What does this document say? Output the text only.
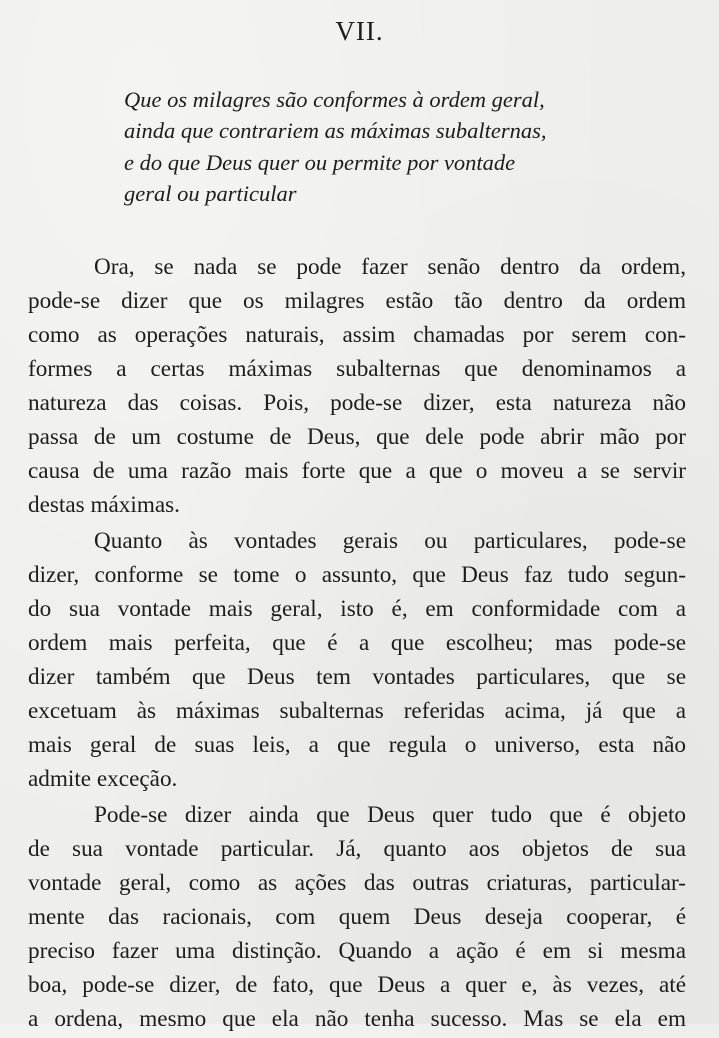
VII.
Que os milagres são conformes à ordem geral,
ainda que contrariem as máximas subalternas,
e do que Deus quer ou permite por vontade
geral ou particular
Ora, se nada se pode fazer senão dentro da ordem,
pode-se dizer que os milagres estão tão dentro da ordem
como as operações naturais, assim chamadas por serem con-
formes a certas máximas subalternas que denominamos a
natureza das coisas. Pois, pode-se dizer, esta natureza não
passa de um costume de Deus, que dele pode abrir mão por
causa de uma razão mais forte que a que o moveu a se servir
destas máximas.
Quanto às vontades gerais ou particulares, pode-se
dizer, conforme se tome o assunto, que Deus faz tudo segun-
do sua vontade mais geral, isto é, em conformidade com a
ordem mais perfeita, que é a que escolheu; mas pode-se
dizer também que Deus tem vontades particulares, que se
excetuam às máximas subalternas referidas acima, já que a
mais geral de suas leis, a que regula o universo, esta não
admite exceção.
Pode-se dizer ainda que Deus quer tudo que é objeto
de sua vontade particular. Já, quanto aos objetos de sua
vontade geral, como as ações das outras criaturas, particular-
mente das racionais, com quem Deus deseja cooperar, é
preciso fazer uma distinção. Quando a ação é em si mesma
boa, pode-se dizer, de fato, que Deus a quer e, às vezes, até
a ordena, mesmo que ela não tenha sucesso. Mas se ela em
